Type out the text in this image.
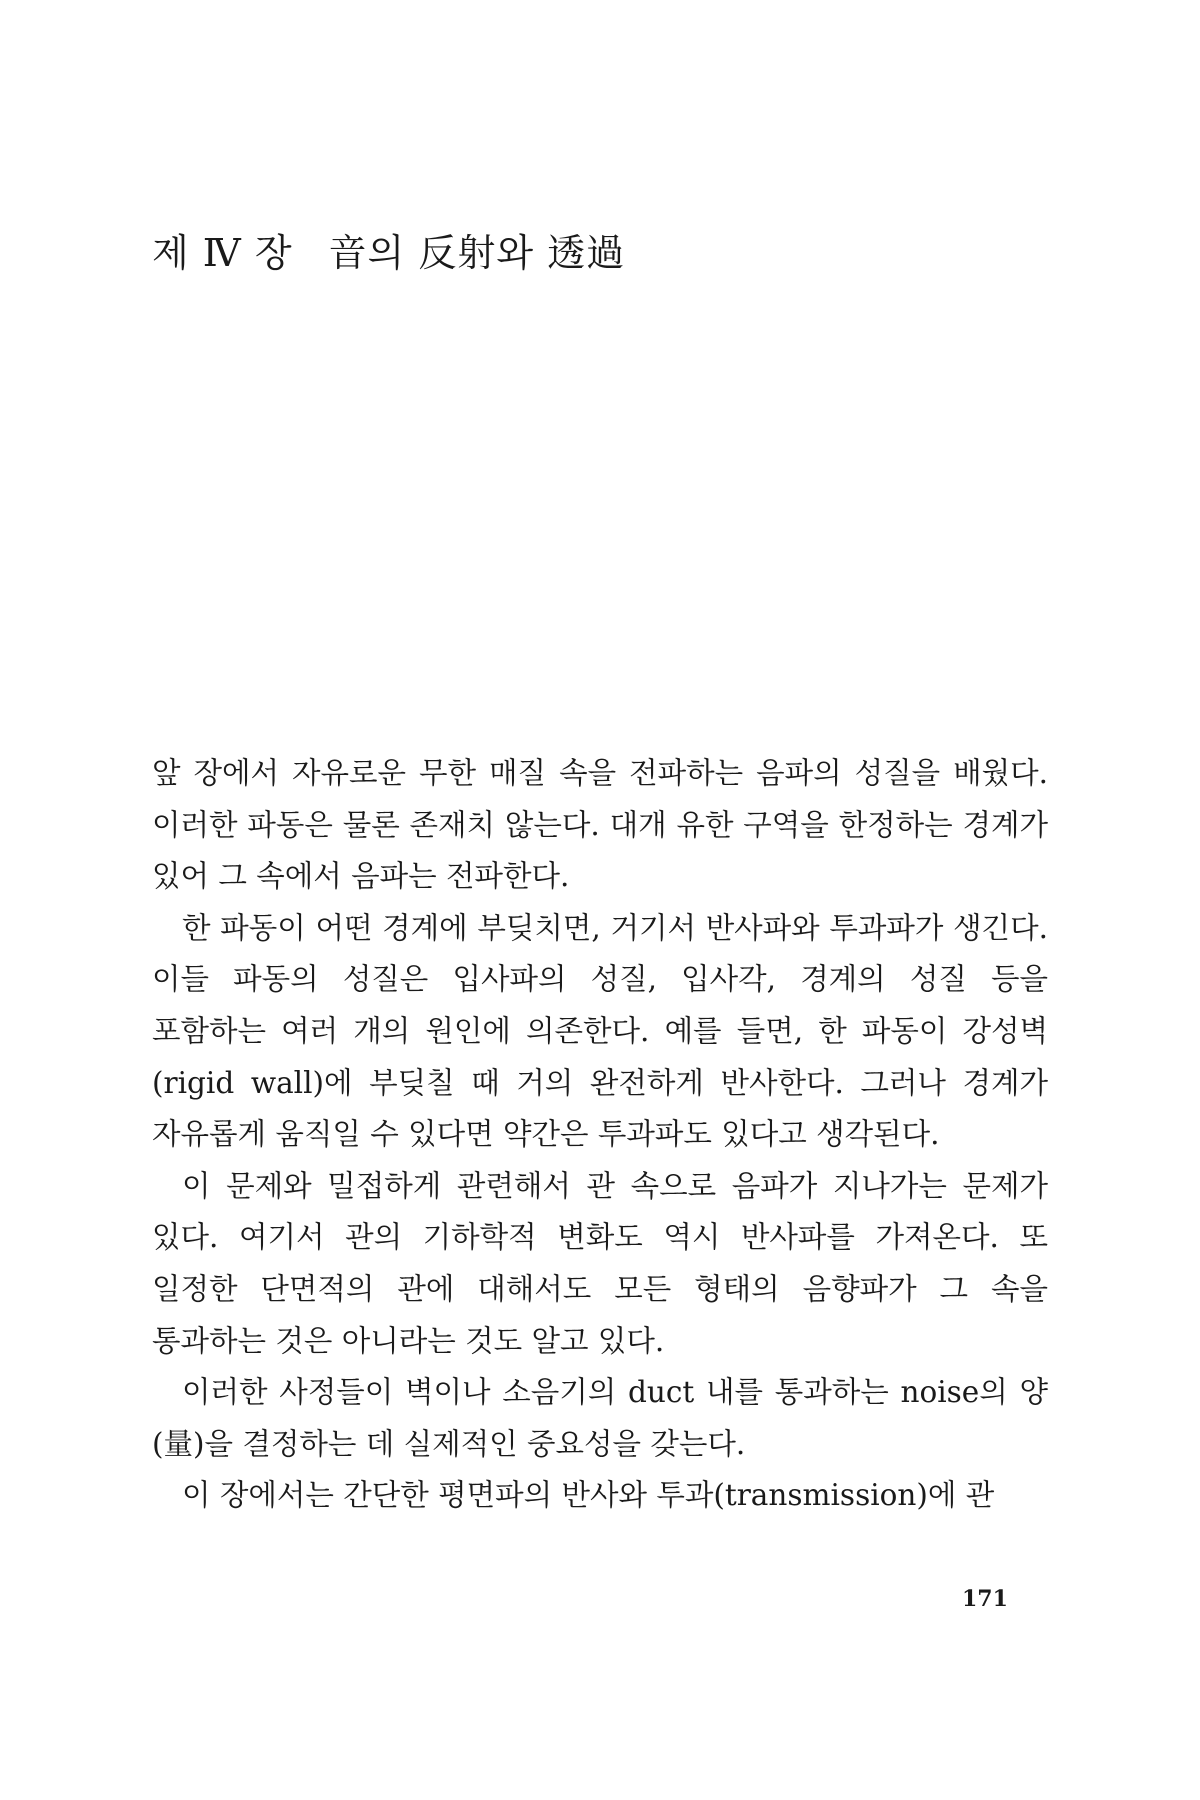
제 Ⅳ 장 音의 反射와 透過

앞 장에서 자유로운 무한 매질 속을 전파하는 음파의 성질을 배웠다. 이러한 파동은 물론 존재치 않는다. 대개 유한 구역을 한정하는 경계가 있어 그 속에서 음파는 전파한다.

한 파동이 어떤 경계에 부딪치면, 거기서 반사파와 투과파가 생긴다. 이들 파동의 성질은 입사파의 성질, 입사각, 경계의 성질 등을 포함하는 여러 개의 원인에 의존한다. 예를 들면, 한 파동이 강성벽(rigid wall)에 부딪칠 때 거의 완전하게 반사한다. 그러나 경계가 자유롭게 움직일 수 있다면 약간은 투과파도 있다고 생각된다.

이 문제와 밀접하게 관련해서 관 속으로 음파가 지나가는 문제가 있다. 여기서 관의 기하학적 변화도 역시 반사파를 가져온다. 또 일정한 단면적의 관에 대해서도 모든 형태의 음향파가 그 속을 통과하는 것은 아니라는 것도 알고 있다.

이러한 사정들이 벽이나 소음기의 duct 내를 통과하는 noise의 양(量)을 결정하는 데 실제적인 중요성을 갖는다.

이 장에서는 간단한 평면파의 반사와 투과(transmission)에 관

171
